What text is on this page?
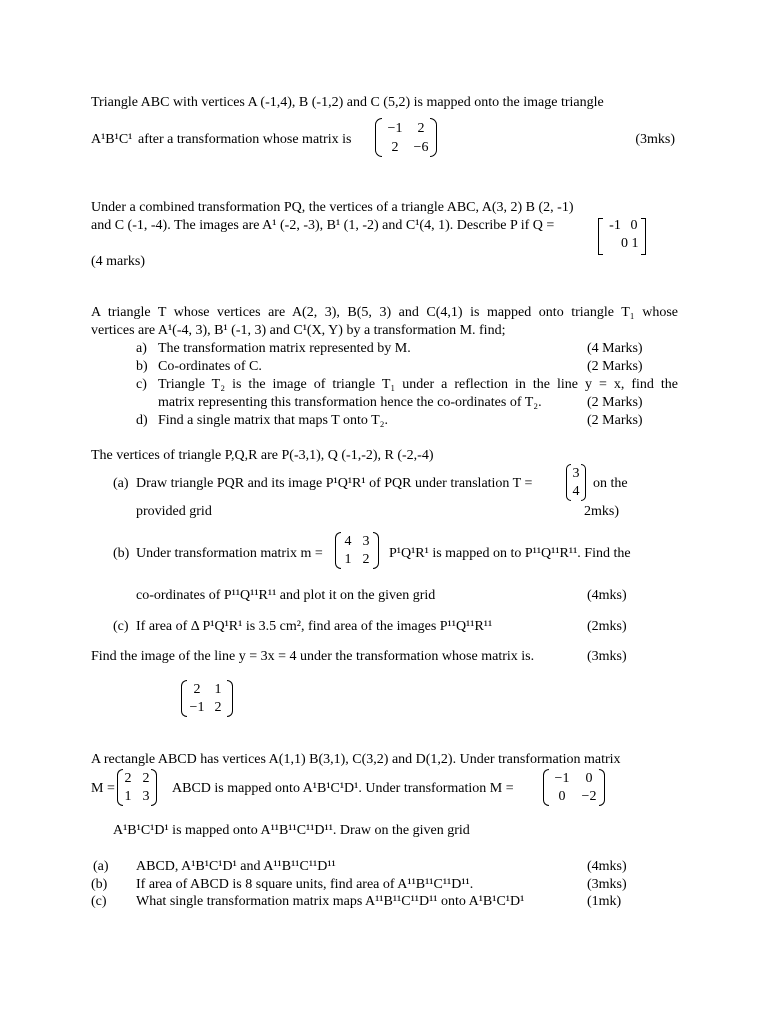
Triangle ABC with vertices A (-1,4), B (-1,2) and C (5,2) is mapped onto the image triangle
A¹B¹C¹ after a transformation whose matrix is
−1	2
2	−6
(3mks)
Under a combined transformation PQ, the vertices of a triangle ABC, A(3, 2) B (2, -1)
and C (-1, -4). The images are A¹ (-2, -3), B¹ (1, -2) and C¹(4, 1). Describe P if Q =	-1 0
0 1
(4 marks)
A triangle T whose vertices are A(2, 3), B(5, 3) and C(4,1) is mapped onto triangle T₁ whose
vertices are A¹(-4, 3), B¹ (-1, 3) and C¹(X, Y) by a transformation M. find;
a) The transformation matrix represented by M.	(4 Marks)
b) Co-ordinates of C.	(2 Marks)
c) Triangle T₂ is the image of triangle T₁ under a reflection in the line y = x, find the
matrix representing this transformation hence the co-ordinates of T₂.	(2 Marks)
d) Find a single matrix that maps T onto T₂.	(2 Marks)
The vertices of triangle P,Q,R are P(-3,1), Q (-1,-2), R (-2,-4)
(a) Draw triangle PQR and its image P¹Q¹R¹ of PQR under translation T =
3
4
on the
provided grid	2mks)
(b) Under transformation matrix m =
4 3
1 2	P¹Q¹R¹ is mapped on to P¹¹Q¹¹R¹¹. Find the
co-ordinates of P¹¹Q¹¹R¹¹ and plot it on the given grid	(4mks)
(c) If area of Δ P¹Q¹R¹ is 3.5 cm², find area of the images P¹¹Q¹¹R¹¹	(2mks)
Find the image of the line y = 3x = 4 under the transformation whose matrix is.	(3mks)
2	1
−1 2
A rectangle ABCD has vertices A(1,1) B(3,1), C(3,2) and D(1,2). Under transformation matrix
M =
2 2
1 3
ABCD is mapped onto A¹B¹C¹D¹. Under transformation M =
−1	0
0	−2
A¹B¹C¹D¹ is mapped onto A¹¹B¹¹C¹¹D¹¹. Draw on the given grid
(a) ABCD, A¹B¹C¹D¹ and A¹¹B¹¹C¹¹D¹¹	(4mks)
(b) If area of ABCD is 8 square units, find area of A¹¹B¹¹C¹¹D¹¹.	(3mks)
(c) What single transformation matrix maps A¹¹B¹¹C¹¹D¹¹ onto A¹B¹C¹D¹	(1mk)
